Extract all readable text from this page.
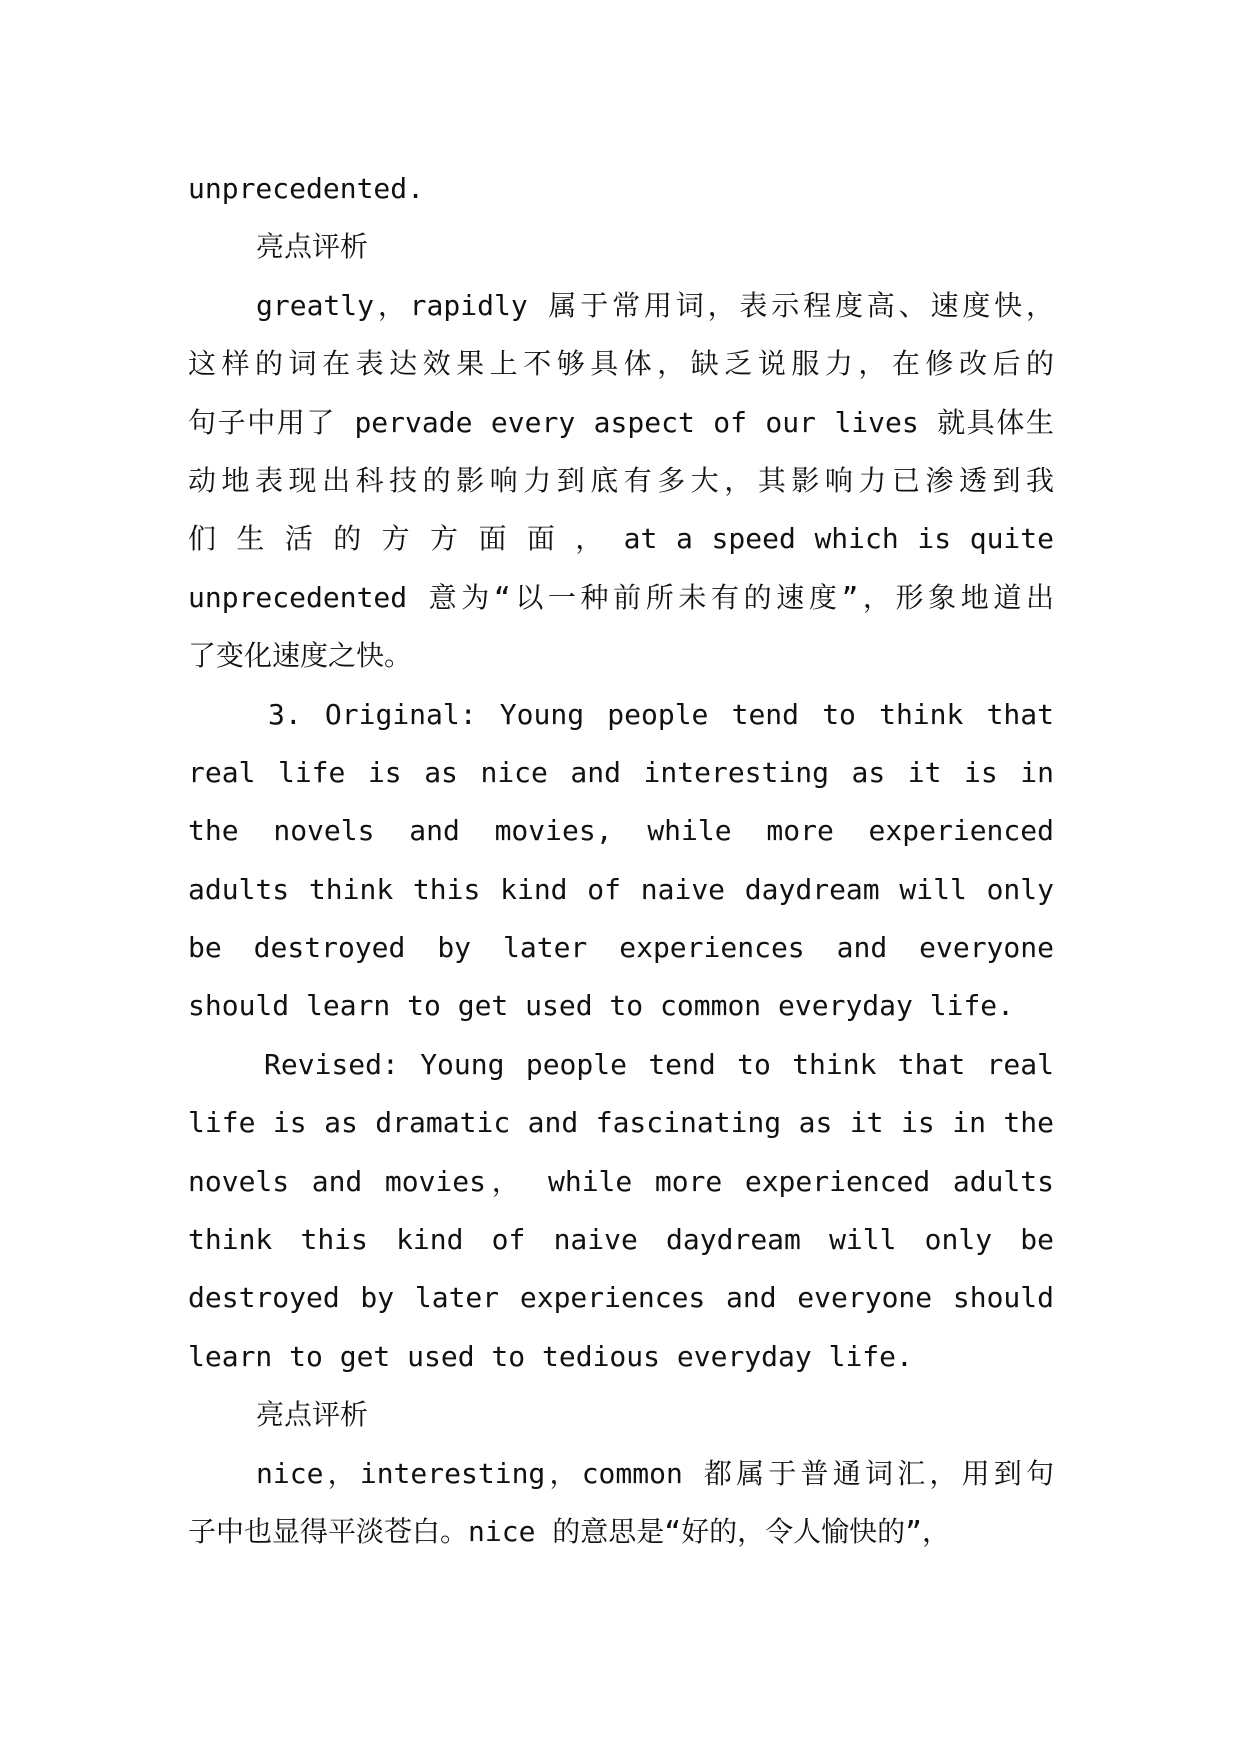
unprecedented.
亮点评析
greatly，rapidly 属于常用词，表示程度高、速度快，
这样的词在表达效果上不够具体，缺乏说服力，在修改后的
句子中用了 pervade every aspect of our lives 就具体生
动地表现出科技的影响力到底有多大，其影响力已渗透到我
们 生 活 的 方 方 面 面 ， at a speed which is quite
unprecedented 意为“以一种前所未有的速度”，形象地道出
了变化速度之快。
3. Original: Young people tend to think that
real life is as nice and interesting as it is in
the novels and movies, while more experienced
adults think this kind of naive daydream will only
be destroyed by later experiences and everyone
should learn to get used to common everyday life.
Revised: Young people tend to think that real
life is as dramatic and fascinating as it is in the
novels and movies， while more experienced adults
think this kind of naive daydream will only be
destroyed by later experiences and everyone should
learn to get used to tedious everyday life.
亮点评析
nice，interesting，common 都属于普通词汇，用到句
子中也显得平淡苍白。nice 的意思是“好的，令人愉快的”，
